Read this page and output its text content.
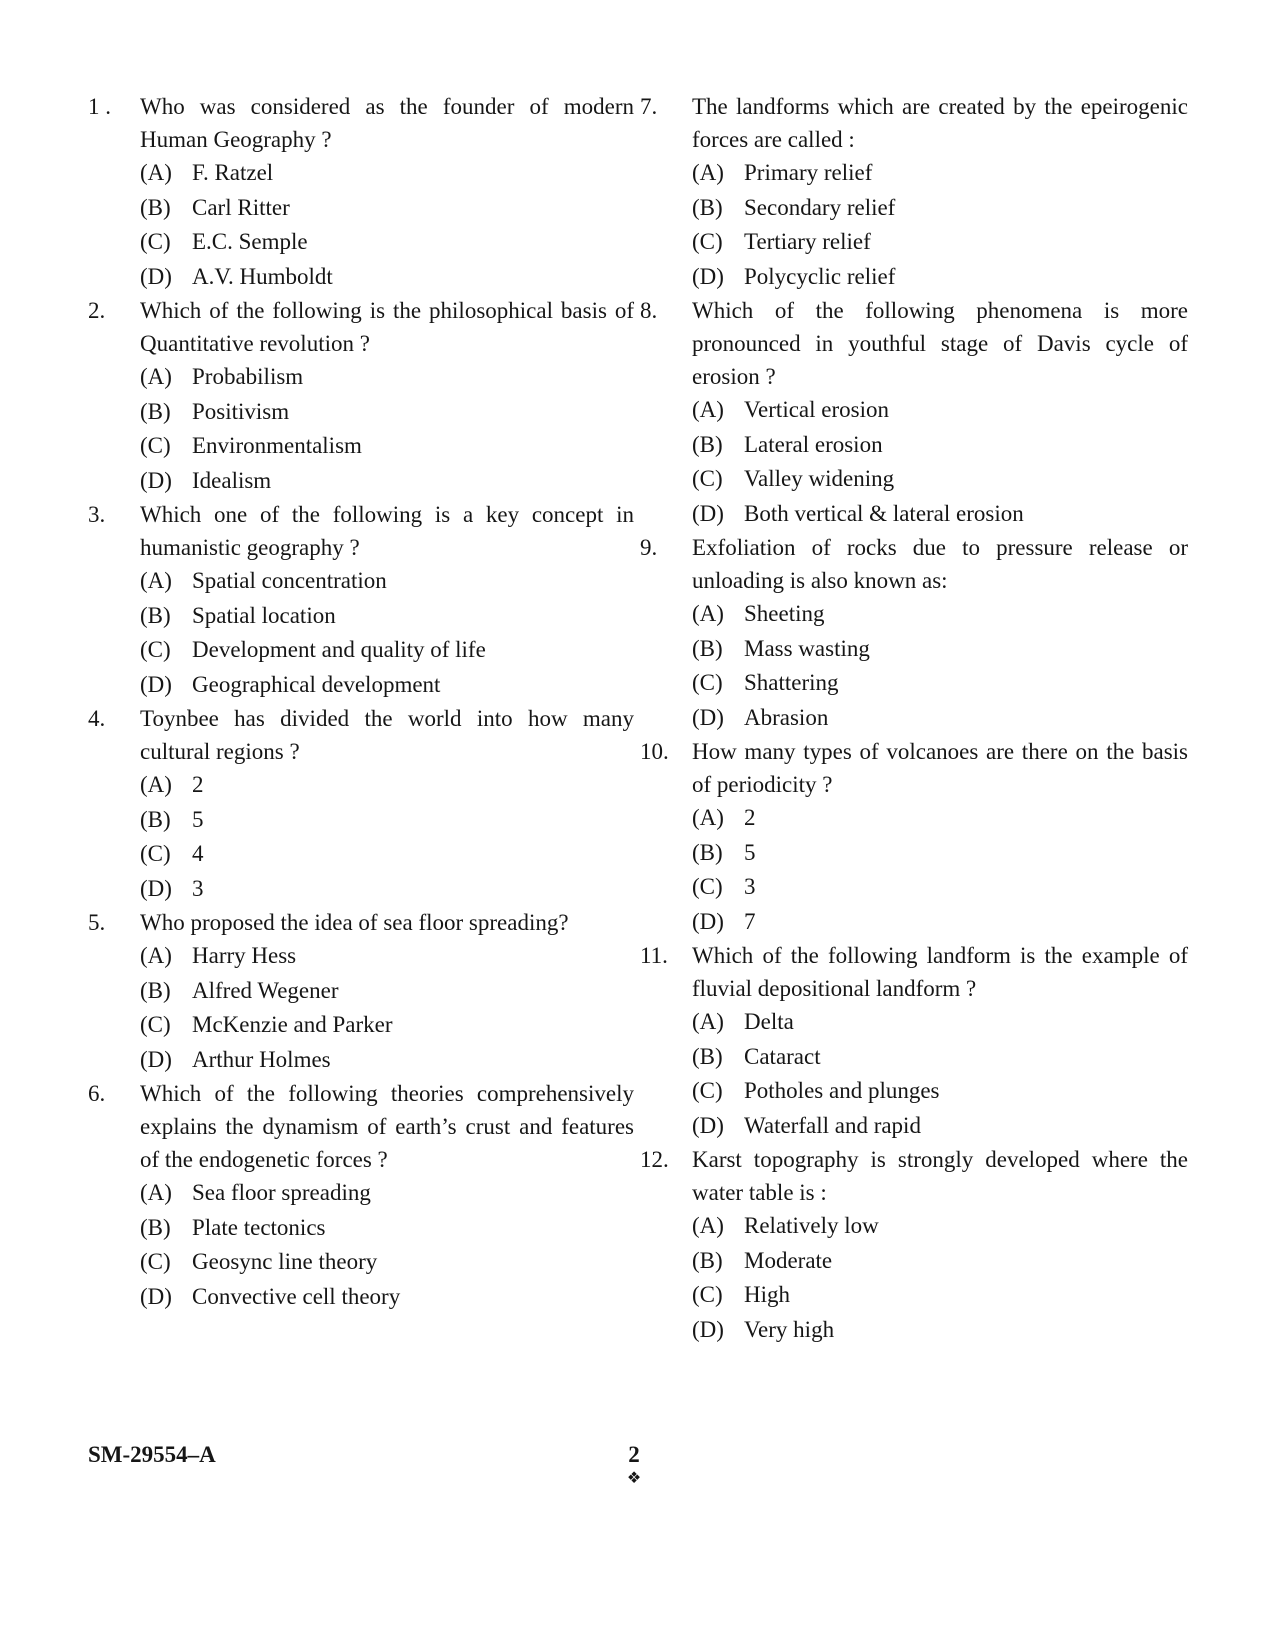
1 . Who was considered as the founder of modern Human Geography ?
(A) F. Ratzel
(B) Carl Ritter
(C) E.C. Semple
(D) A.V. Humboldt
2. Which of the following is the philosophical basis of Quantitative revolution ?
(A) Probabilism
(B) Positivism
(C) Environmentalism
(D) Idealism
3. Which one of the following is a key concept in humanistic geography ?
(A) Spatial concentration
(B) Spatial location
(C) Development and quality of life
(D) Geographical development
4. Toynbee has divided the world into how many cultural regions ?
(A) 2
(B) 5
(C) 4
(D) 3
5. Who proposed the idea of sea floor spreading?
(A) Harry Hess
(B) Alfred Wegener
(C) McKenzie and Parker
(D) Arthur Holmes
6. Which of the following theories comprehensively explains the dynamism of earth’s crust and features of the endogenetic forces ?
(A) Sea floor spreading
(B) Plate tectonics
(C) Geosync line theory
(D) Convective cell theory
7. The landforms which are created by the epeirogenic forces are called :
(A) Primary relief
(B) Secondary relief
(C) Tertiary relief
(D) Polycyclic relief
8. Which of the following phenomena is more pronounced in youthful stage of Davis cycle of erosion ?
(A) Vertical erosion
(B) Lateral erosion
(C) Valley widening
(D) Both vertical & lateral erosion
9. Exfoliation of rocks due to pressure release or unloading is also known as:
(A) Sheeting
(B) Mass wasting
(C) Shattering
(D) Abrasion
10. How many types of volcanoes are there on the basis of periodicity ?
(A) 2
(B) 5
(C) 3
(D) 7
11. Which of the following landform is the example of fluvial depositional landform ?
(A) Delta
(B) Cataract
(C) Potholes and plunges
(D) Waterfall and rapid
12. Karst topography is strongly developed where the water table is :
(A) Relatively low
(B) Moderate
(C) High
(D) Very high
SM-29554–A	2
❖
